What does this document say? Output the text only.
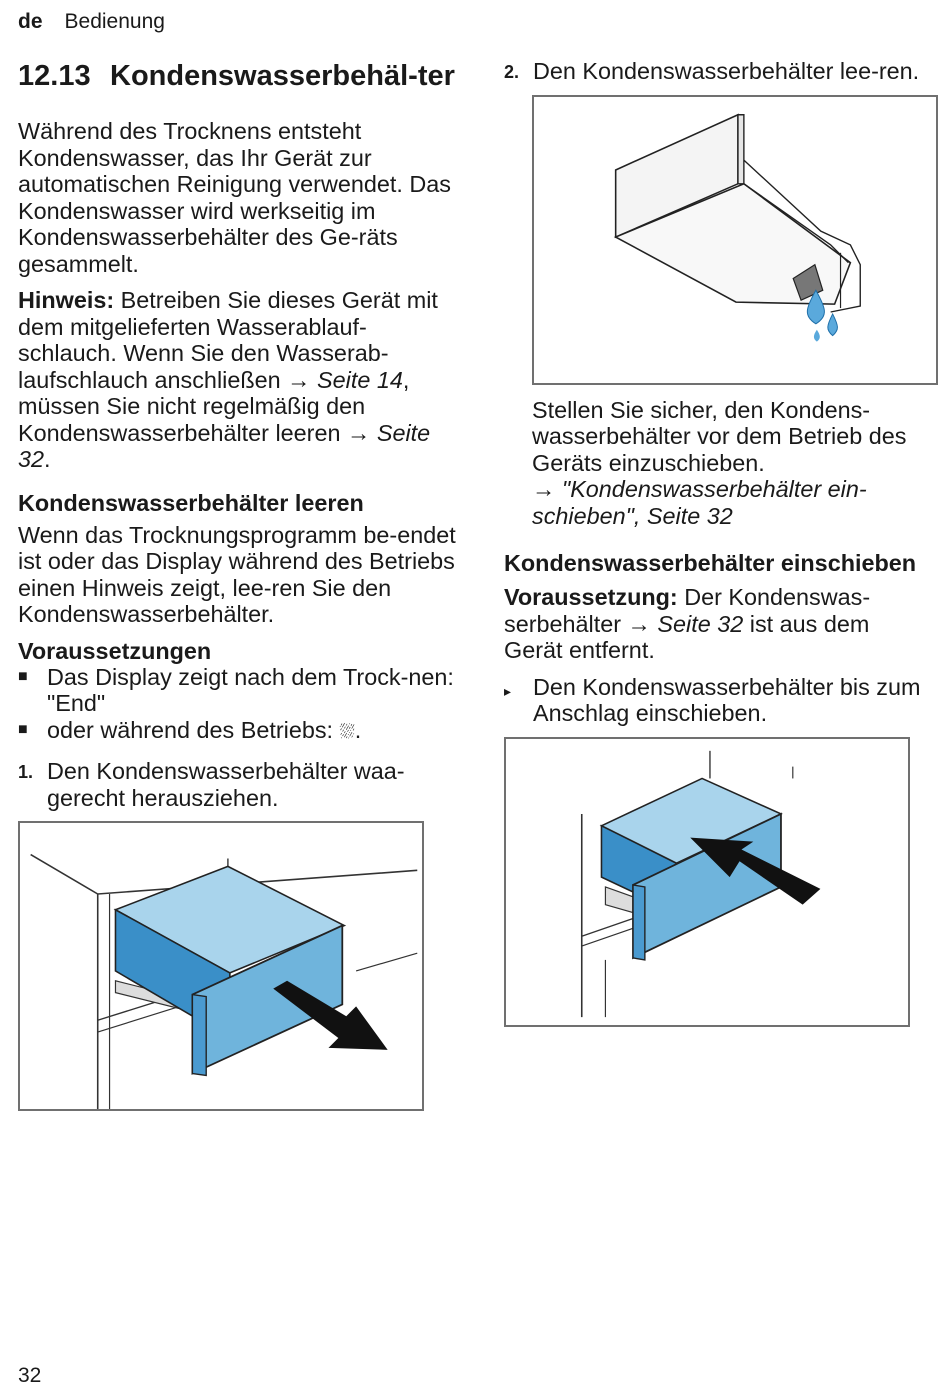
de Bedienung
12.13 Kondenswasserbehäl-ter

Während des Trocknens entsteht Kondenswasser, das Ihr Gerät zur automatischen Reinigung verwendet. Das Kondenswasser wird werkseitig im Kondenswasserbehälter des Ge-räts gesammelt.

Hinweis: Betreiben Sie dieses Gerät mit dem mitgelieferten Wasserablauf-schlauch. Wenn Sie den Wasserab-laufschlauch anschließen → Seite 14, müssen Sie nicht regelmäßig den Kondenswasserbehälter leeren → Seite 32.

Kondenswasserbehälter leeren

Wenn das Trocknungsprogramm be-endet ist oder das Display während des Betriebs einen Hinweis zeigt, lee-ren Sie den Kondenswasserbehälter.

Voraussetzungen
■ Das Display zeigt nach dem Trock-nen: "End"
■ oder während des Betriebs: ⛆.
1. Den Kondenswasserbehälter waa-gerecht herausziehen.
2. Den Kondenswasserbehälter lee-ren.

Stellen Sie sicher, den Kondens-wasserbehälter vor dem Betrieb des Geräts einzuschieben.
→ "Kondenswasserbehälter ein-schieben", Seite 32

Kondenswasserbehälter einschieben

Voraussetzung: Der Kondenswas-serbehälter → Seite 32 ist aus dem Gerät entfernt.

▸ Den Kondenswasserbehälter bis zum Anschlag einschieben.
32
